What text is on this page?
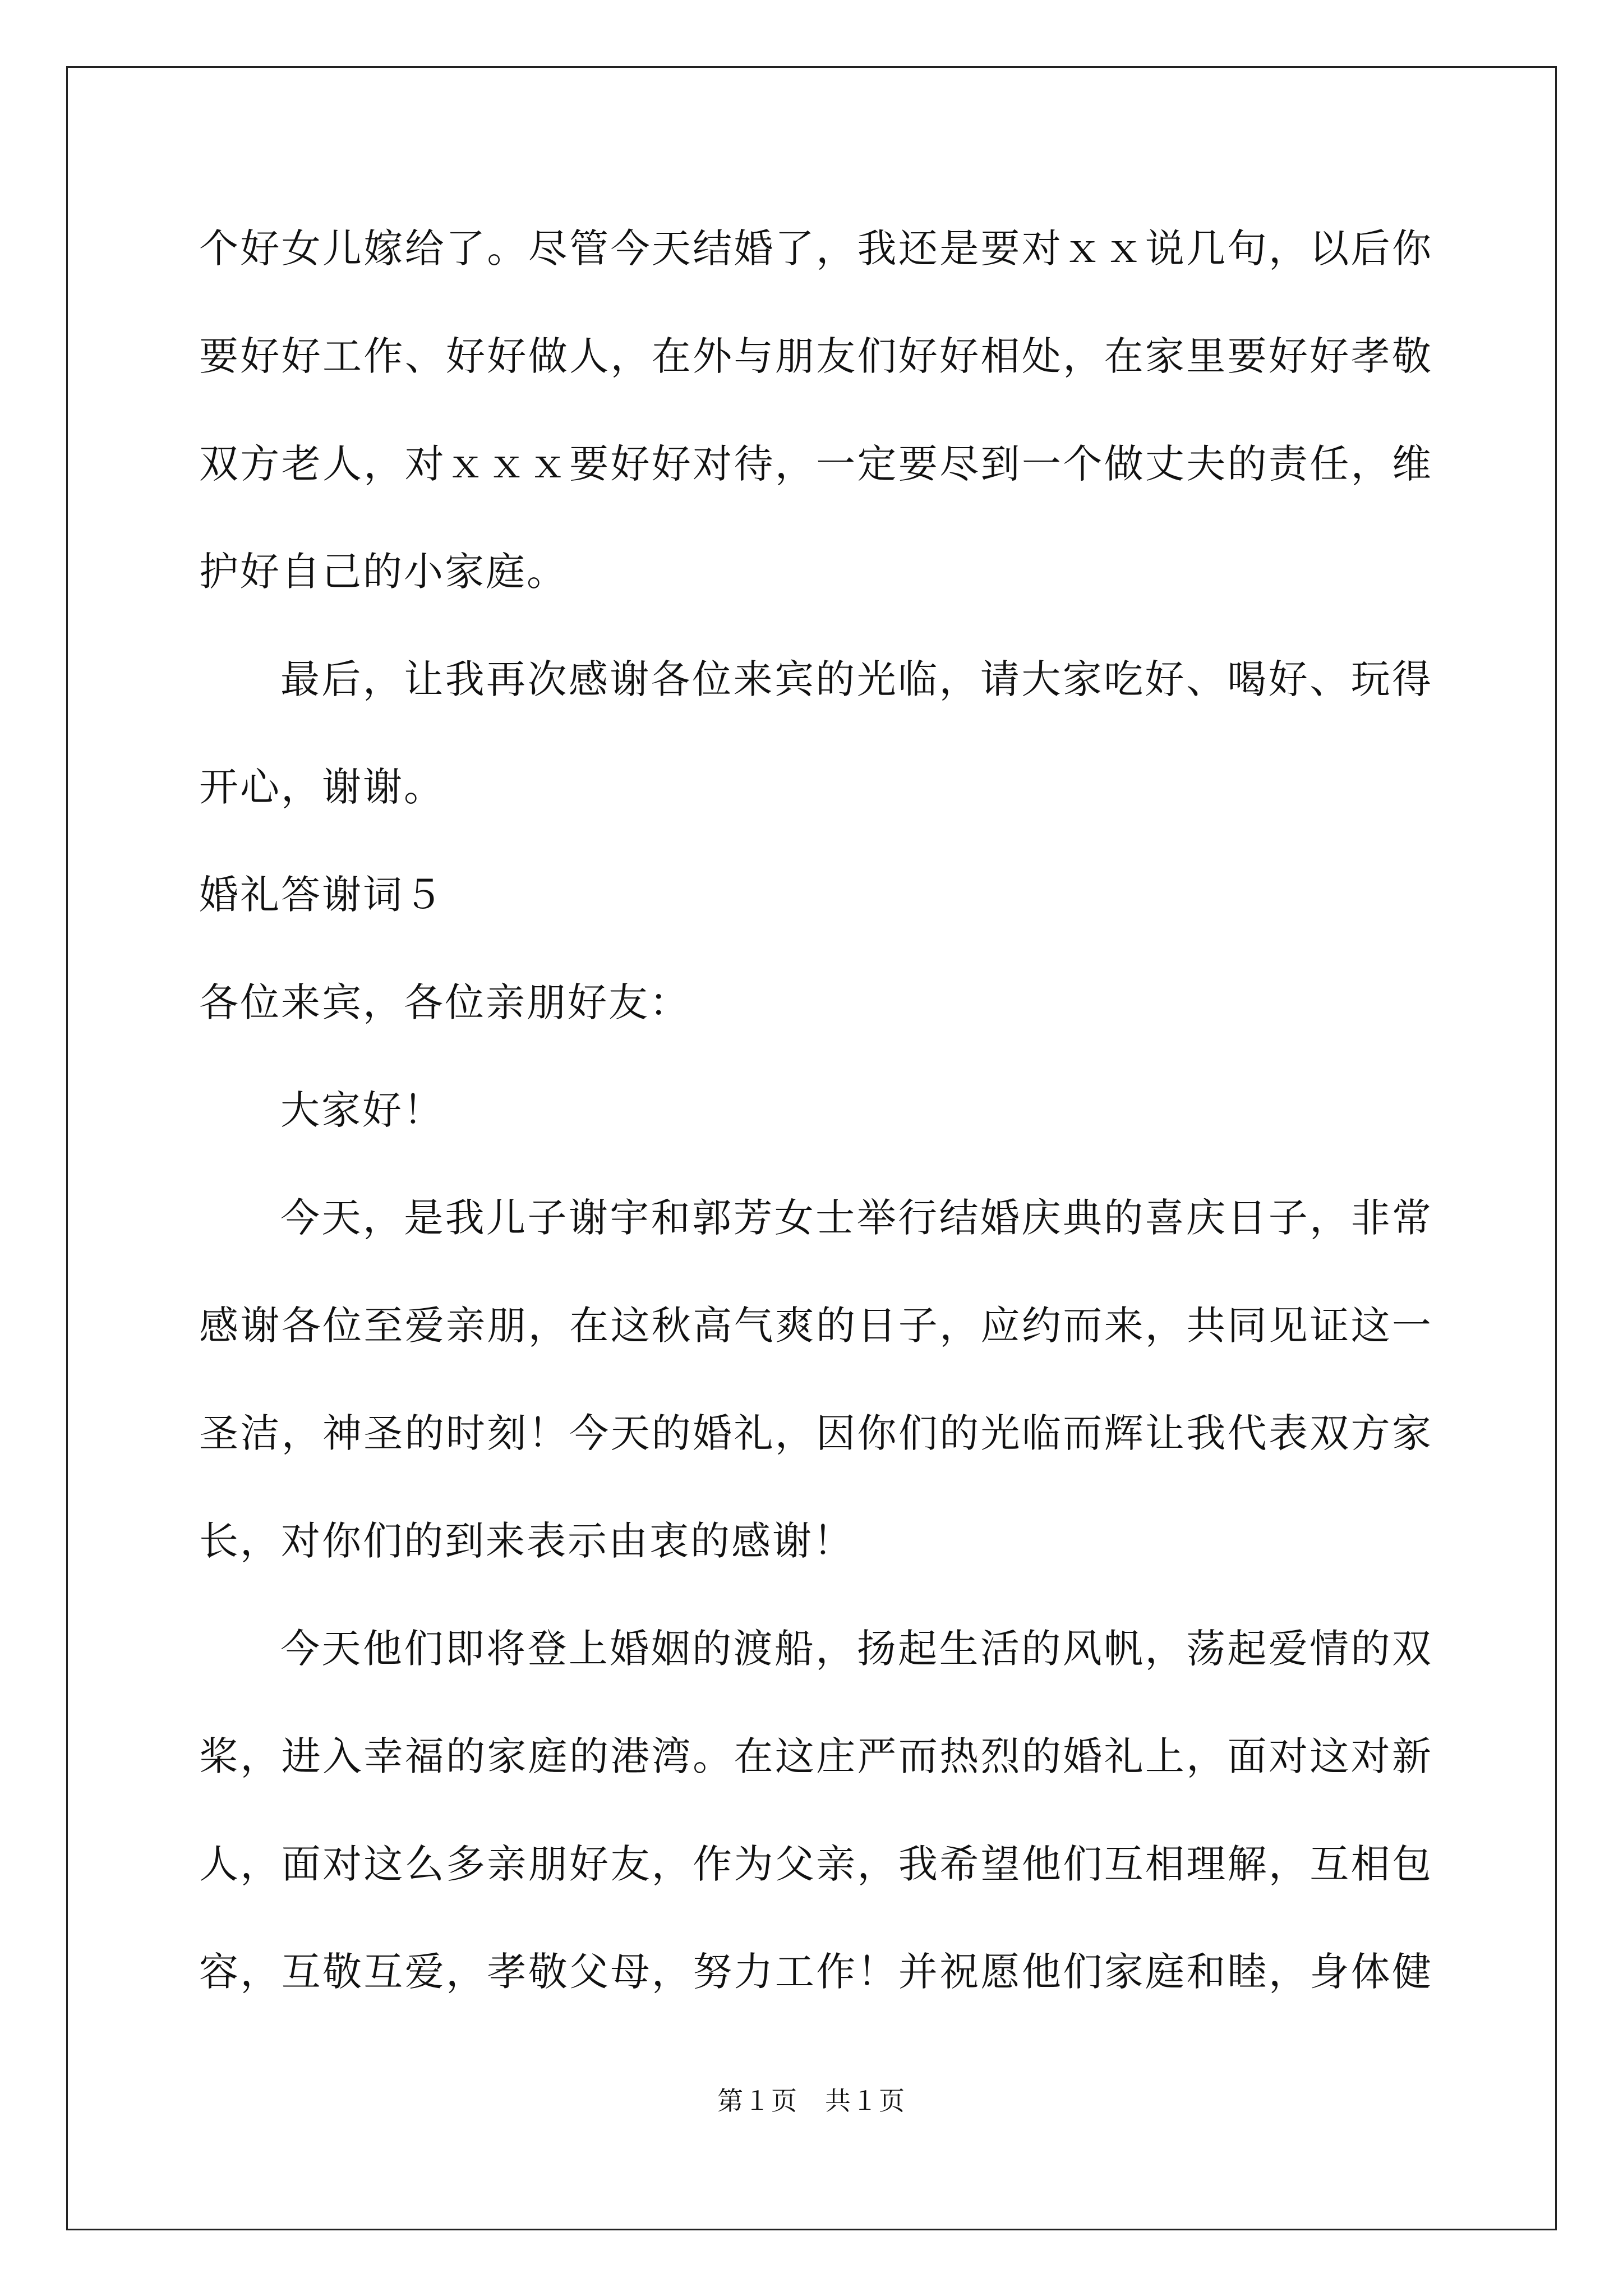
个好女儿嫁给了。尽管今天结婚了，我还是要对ｘｘ说几句，以后你
要好好工作、好好做人，在外与朋友们好好相处，在家里要好好孝敬
双方老人，对ｘｘｘ要好好对待，一定要尽到一个做丈夫的责任，维
护好自己的小家庭。
最后，让我再次感谢各位来宾的光临，请大家吃好、喝好、玩得
开心，谢谢。
婚礼答谢词５
各位来宾，各位亲朋好友：
大家好！
今天，是我儿子谢宇和郭芳女士举行结婚庆典的喜庆日子，非常
感谢各位至爱亲朋，在这秋高气爽的日子，应约而来，共同见证这一
圣洁，神圣的时刻！今天的婚礼，因你们的光临而辉让我代表双方家
长，对你们的到来表示由衷的感谢！
今天他们即将登上婚姻的渡船，扬起生活的风帆，荡起爱情的双
桨，进入幸福的家庭的港湾。在这庄严而热烈的婚礼上，面对这对新
人，面对这么多亲朋好友，作为父亲，我希望他们互相理解，互相包
容，互敬互爱，孝敬父母，努力工作！并祝愿他们家庭和睦，身体健
第１页　共１页
